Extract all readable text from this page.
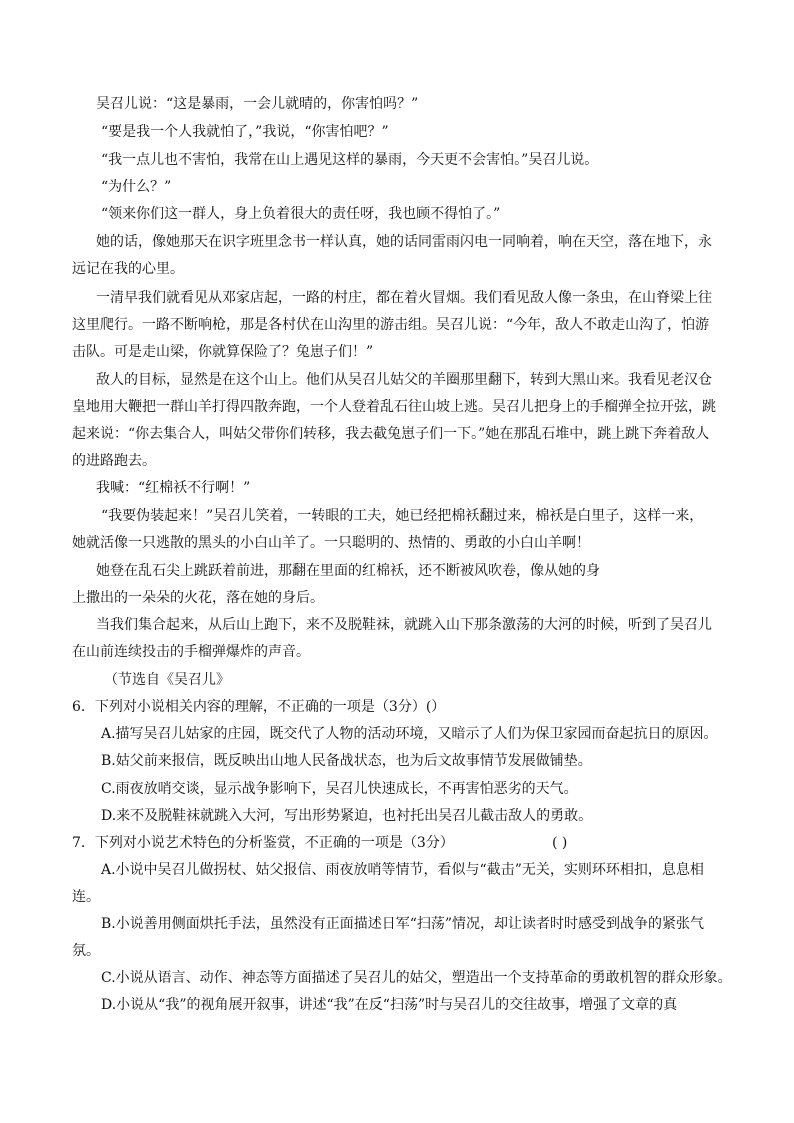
吴召儿说：“这是暴雨，一会儿就晴的，你害怕吗？”
“要是我一个人我就怕了，”我说，“你害怕吧？”
“我一点儿也不害怕，我常在山上遇见这样的暴雨，今天更不会害怕。”吴召儿说。
“为什么？”
“领来你们这一群人，身上负着很大的责任呀，我也顾不得怕了。”
她的话，像她那天在识字班里念书一样认真，她的话同雷雨闪电一同响着，响在天空，落在地下，永
远记在我的心里。
一清早我们就看见从邓家店起，一路的村庄，都在着火冒烟。我们看见敌人像一条虫，在山脊梁上往
这里爬行。一路不断响枪，那是各村伏在山沟里的游击组。吴召儿说：“今年，敌人不敢走山沟了，怕游
击队。可是走山梁，你就算保险了？兔崽子们！”
敌人的目标，显然是在这个山上。他们从吴召儿姑父的羊圈那里翻下，转到大黑山来。我看见老汉仓
皇地用大鞭把一群山羊打得四散奔跑，一个人登着乱石往山坡上逃。吴召儿把身上的手榴弹全拉开弦，跳
起来说：“你去集合人，叫姑父带你们转移，我去截兔崽子们一下。”她在那乱石堆中，跳上跳下奔着敌人
的进路跑去。
我喊：“红棉袄不行啊！”
“我要伪装起来！”吴召儿笑着，一转眼的工夫，她已经把棉袄翻过来，棉袄是白里子，这样一来，
她就活像一只逃散的黑头的小白山羊了。一只聪明的、热情的、勇敢的小白山羊啊！
她登在乱石尖上跳跃着前进，那翻在里面的红棉袄，还不断被风吹卷，像从她的身
上撒出的一朵朵的火花，落在她的身后。
当我们集合起来，从后山上跑下，来不及脱鞋袜，就跳入山下那条激荡的大河的时候，听到了吴召儿
在山前连续投击的手榴弹爆炸的声音。
（节选自《吴召儿》
6．下列对小说相关内容的理解，不正确的一项是（3分）(）
A.描写吴召儿姑家的庄园，既交代了人物的活动环境，又暗示了人们为保卫家园而奋起抗日的原因。
B.姑父前来报信，既反映出山地人民备战状态，也为后文故事情节发展做铺垫。
C.雨夜放哨交谈，显示战争影响下，吴召儿快速成长，不再害怕恶劣的天气。
D.来不及脱鞋袜就跳入大河，写出形势紧迫，也衬托出吴召儿截击敌人的勇敢。
7．下列对小说艺术特色的分析鉴赏，不正确的一项是（3分）	( )
A.小说中吴召儿做拐杖、姑父报信、雨夜放哨等情节，看似与“截击”无关，实则环环相扣，息息相
连。
B.小说善用侧面烘托手法，虽然没有正面描述日军“扫荡”情况，却让读者时时感受到战争的紧张气
氛。
C.小说从语言、动作、神态等方面描述了吴召儿的姑父，塑造出一个支持革命的勇敢机智的群众形象。
D.小说从“我”的视角展开叙事，讲述“我”在反“扫荡”时与吴召儿的交往故事，增强了文章的真
